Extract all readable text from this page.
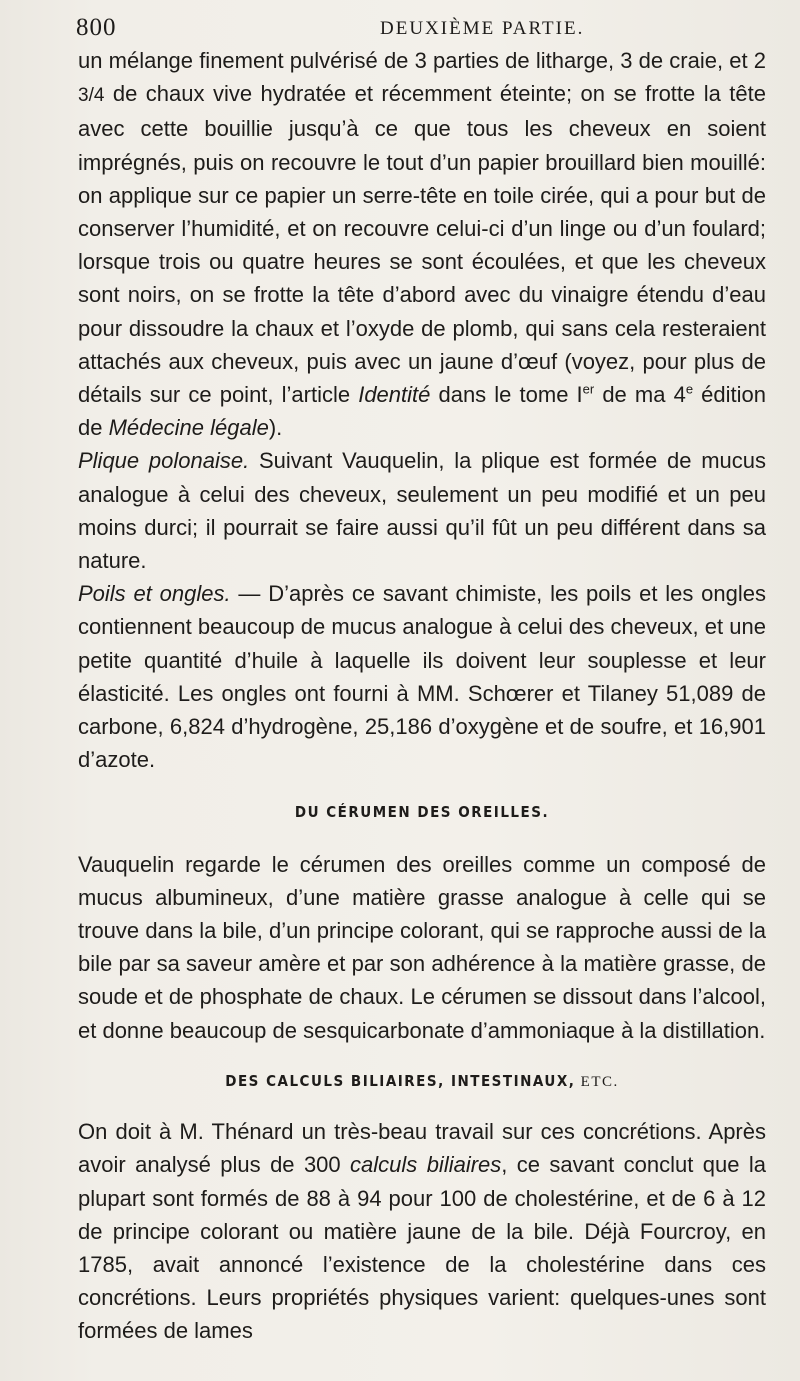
800	DEUXIÈME PARTIE.

un mélange finement pulvérisé de 3 parties de litharge, 3 de craie, et 2 3/4 de chaux vive hydratée et récemment éteinte; on se frotte la tête avec cette bouillie jusqu’à ce que tous les cheveux en soient imprégnés, puis on recouvre le tout d’un papier brouillard bien mouillé: on applique sur ce papier un serre-tête en toile cirée, qui a pour but de conserver l’humidité, et on recouvre celui-ci d’un linge ou d’un foulard; lorsque trois ou quatre heures se sont écoulées, et que les cheveux sont noirs, on se frotte la tête d’abord avec du vinaigre étendu d’eau pour dissoudre la chaux et l’oxyde de plomb, qui sans cela resteraient attachés aux cheveux, puis avec un jaune d’œuf (voyez, pour plus de détails sur ce point, l’article Identité dans le tome Ier de ma 4e édition de Médecine légale).

Plique polonaise. Suivant Vauquelin, la plique est formée de mucus analogue à celui des cheveux, seulement un peu modifié et un peu moins durci; il pourrait se faire aussi qu’il fût un peu différent dans sa nature.

Poils et ongles. — D’après ce savant chimiste, les poils et les ongles contiennent beaucoup de mucus analogue à celui des cheveux, et une petite quantité d’huile à laquelle ils doivent leur souplesse et leur élasticité. Les ongles ont fourni à MM. Schœrer et Tilaney 51,089 de carbone, 6,824 d’hydrogène, 25,186 d’oxygène et de soufre, et 16,901 d’azote.

DU CÉRUMEN DES OREILLES.

Vauquelin regarde le cérumen des oreilles comme un composé de mucus albumineux, d’une matière grasse analogue à celle qui se trouve dans la bile, d’un principe colorant, qui se rapproche aussi de la bile par sa saveur amère et par son adhérence à la matière grasse, de soude et de phosphate de chaux. Le cérumen se dissout dans l’alcool, et donne beaucoup de sesquicarbonate d’ammoniaque à la distillation.

DES CALCULS BILIAIRES, INTESTINAUX, ETC.

On doit à M. Thénard un très-beau travail sur ces concrétions. Après avoir analysé plus de 300 calculs biliaires, ce savant conclut que la plupart sont formés de 88 à 94 pour 100 de cholestérine, et de 6 à 12 de principe colorant ou matière jaune de la bile. Déjà Fourcroy, en 1785, avait annoncé l’existence de la cholestérine dans ces concrétions. Leurs propriétés physiques varient: quelques-unes sont formées de lames
